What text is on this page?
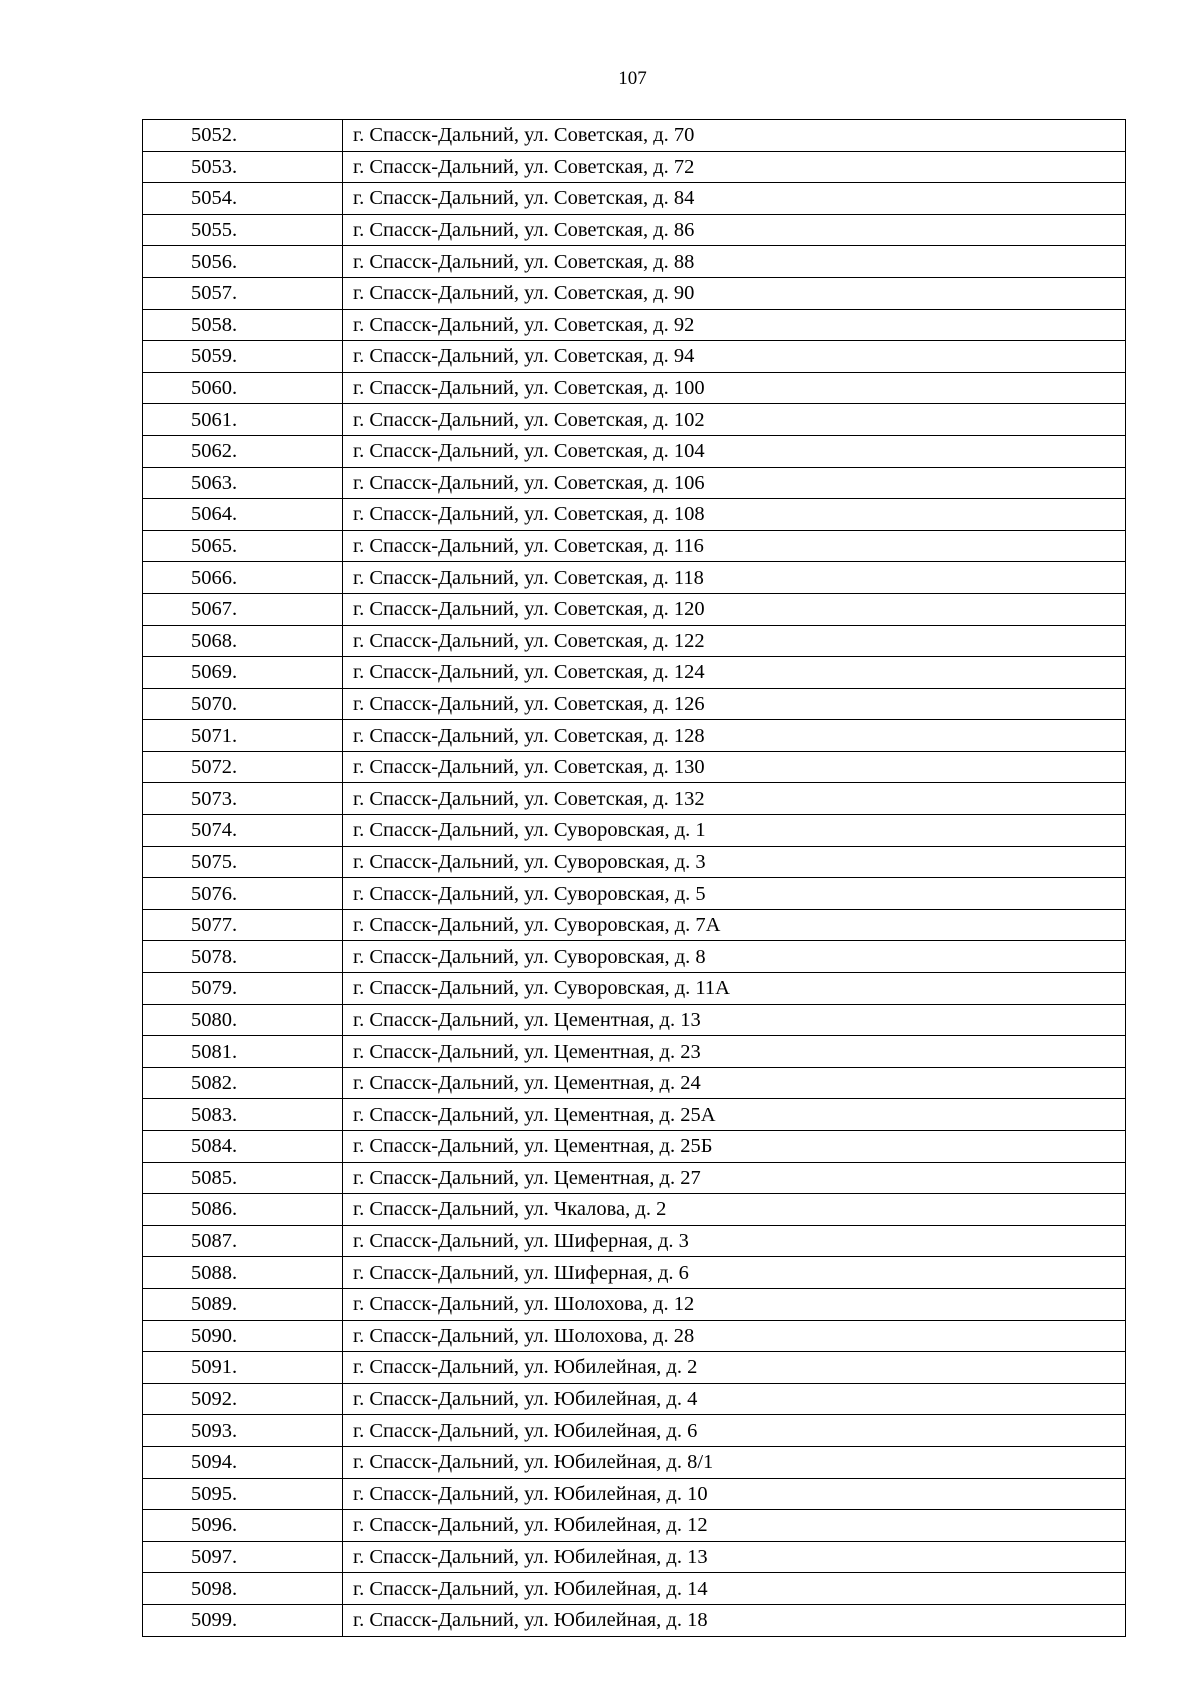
107
5052.	г. Спасск-Дальний, ул. Советская, д. 70
5053.	г. Спасск-Дальний, ул. Советская, д. 72
5054.	г. Спасск-Дальний, ул. Советская, д. 84
5055.	г. Спасск-Дальний, ул. Советская, д. 86
5056.	г. Спасск-Дальний, ул. Советская, д. 88
5057.	г. Спасск-Дальний, ул. Советская, д. 90
5058.	г. Спасск-Дальний, ул. Советская, д. 92
5059.	г. Спасск-Дальний, ул. Советская, д. 94
5060.	г. Спасск-Дальний, ул. Советская, д. 100
5061.	г. Спасск-Дальний, ул. Советская, д. 102
5062.	г. Спасск-Дальний, ул. Советская, д. 104
5063.	г. Спасск-Дальний, ул. Советская, д. 106
5064.	г. Спасск-Дальний, ул. Советская, д. 108
5065.	г. Спасск-Дальний, ул. Советская, д. 116
5066.	г. Спасск-Дальний, ул. Советская, д. 118
5067.	г. Спасск-Дальний, ул. Советская, д. 120
5068.	г. Спасск-Дальний, ул. Советская, д. 122
5069.	г. Спасск-Дальний, ул. Советская, д. 124
5070.	г. Спасск-Дальний, ул. Советская, д. 126
5071.	г. Спасск-Дальний, ул. Советская, д. 128
5072.	г. Спасск-Дальний, ул. Советская, д. 130
5073.	г. Спасск-Дальний, ул. Советская, д. 132
5074.	г. Спасск-Дальний, ул. Суворовская, д. 1
5075.	г. Спасск-Дальний, ул. Суворовская, д. 3
5076.	г. Спасск-Дальний, ул. Суворовская, д. 5
5077.	г. Спасск-Дальний, ул. Суворовская, д. 7А
5078.	г. Спасск-Дальний, ул. Суворовская, д. 8
5079.	г. Спасск-Дальний, ул. Суворовская, д. 11А
5080.	г. Спасск-Дальний, ул. Цементная, д. 13
5081.	г. Спасск-Дальний, ул. Цементная, д. 23
5082.	г. Спасск-Дальний, ул. Цементная, д. 24
5083.	г. Спасск-Дальний, ул. Цементная, д. 25А
5084.	г. Спасск-Дальний, ул. Цементная, д. 25Б
5085.	г. Спасск-Дальний, ул. Цементная, д. 27
5086.	г. Спасск-Дальний, ул. Чкалова, д. 2
5087.	г. Спасск-Дальний, ул. Шиферная, д. 3
5088.	г. Спасск-Дальний, ул. Шиферная, д. 6
5089.	г. Спасск-Дальний, ул. Шолохова, д. 12
5090.	г. Спасск-Дальний, ул. Шолохова, д. 28
5091.	г. Спасск-Дальний, ул. Юбилейная, д. 2
5092.	г. Спасск-Дальний, ул. Юбилейная, д. 4
5093.	г. Спасск-Дальний, ул. Юбилейная, д. 6
5094.	г. Спасск-Дальний, ул. Юбилейная, д. 8/1
5095.	г. Спасск-Дальний, ул. Юбилейная, д. 10
5096.	г. Спасск-Дальний, ул. Юбилейная, д. 12
5097.	г. Спасск-Дальний, ул. Юбилейная, д. 13
5098.	г. Спасск-Дальний, ул. Юбилейная, д. 14
5099.	г. Спасск-Дальний, ул. Юбилейная, д. 18
